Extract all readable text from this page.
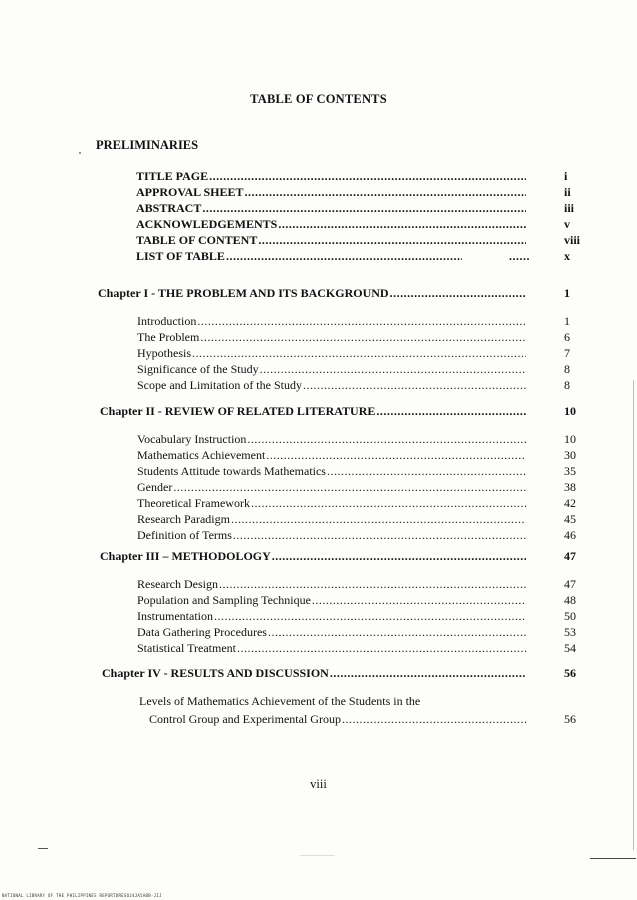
TABLE OF CONTENTS
PRELIMINARIES
TITLE PAGE .....	i
APPROVAL SHEET .....	ii
ABSTRACT .....	iii
ACKNOWLEDGEMENTS .....	v
TABLE OF CONTENT .....	viii
LIST OF TABLE .....	......	x
Chapter I - THE PROBLEM AND ITS BACKGROUND .....	1
Introduction .....	1
The Problem .....	6
Hypothesis .....	7
Significance of the Study .....	8
Scope and Limitation of the Study .....	8
Chapter II - REVIEW OF RELATED LITERATURE .....	10
Vocabulary Instruction .....	10
Mathematics Achievement .....	30
Students Attitude towards Mathematics .....	35
Gender .....	38
Theoretical Framework .....	42
Research Paradigm .....	45
Definition of Terms .....	46
Chapter III – METHODOLOGY .....	47
Research Design .....	47
Population and Sampling Technique .....	48
Instrumentation .....	50
Data Gathering Procedures .....	53
Statistical Treatment .....	54
Chapter IV - RESULTS AND DISCUSSION .....	56
Levels of Mathematics Achievement of the Students in the
Control Group and Experimental Group .....	56
viii
NATIONAL LIBRARY OF THE PHILIPPINES REPORTDRESOJ4JA5ABB-JIJ
